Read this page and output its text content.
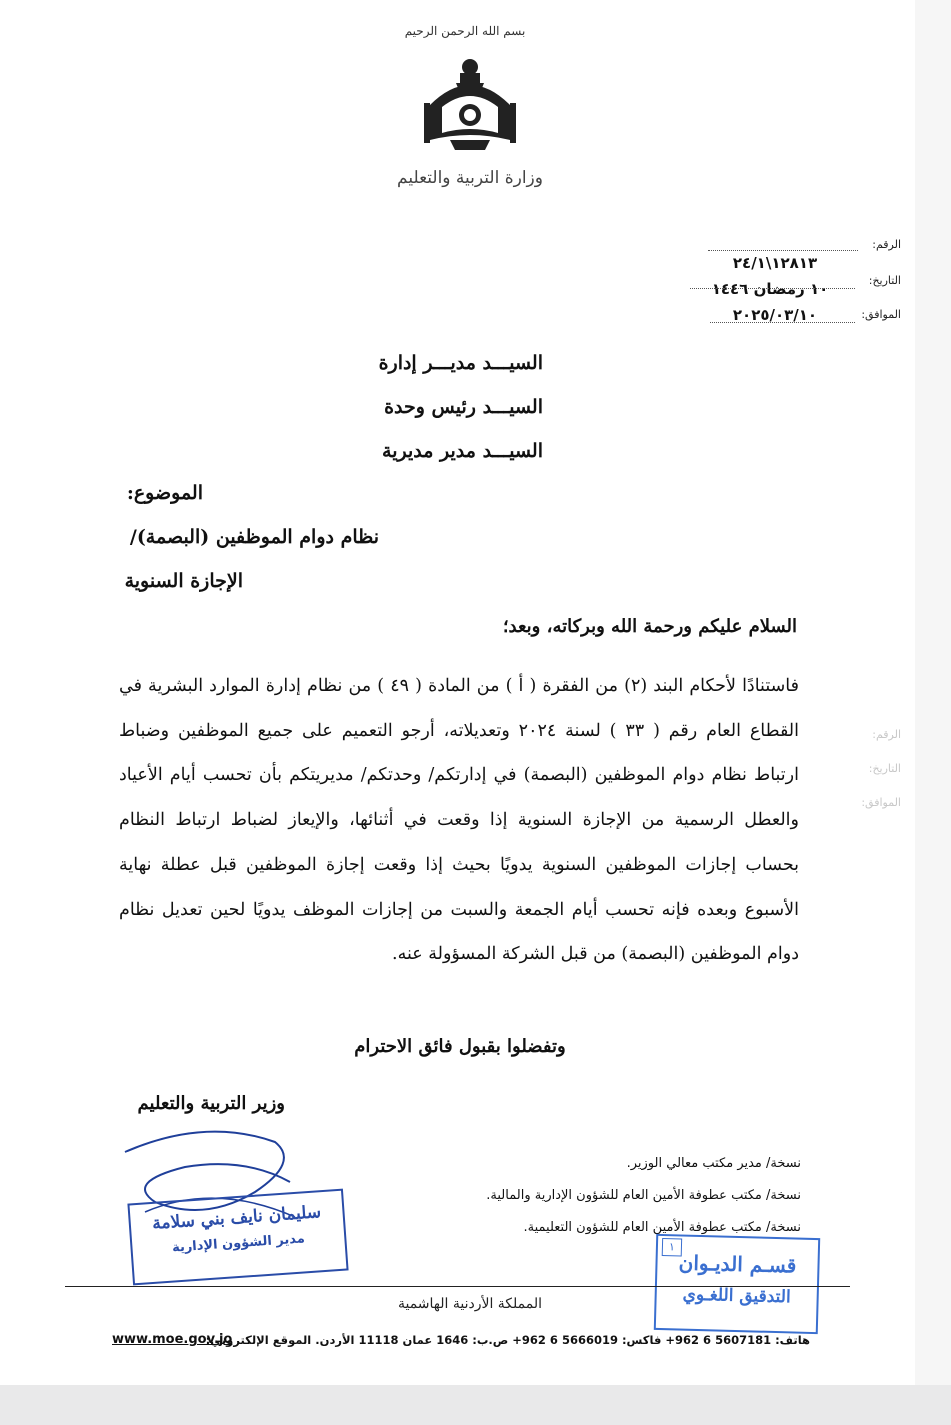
بسم الله الرحمن الرحيم
وزارة التربية والتعليم
الرقم:
١٢٨١٣\٢٤/١
التاريخ:
١٠ رمضان ١٤٤٦
الموافق:
٢٠٢٥/٠٣/١٠
السيـــد مديـــر إدارة
السيـــد رئيس وحدة
السيـــد مدير مديرية
الموضوع:
نظام دوام الموظفين (البصمة)/
الإجازة السنوية
السلام عليكم ورحمة الله وبركاته، وبعد؛
فاستنادًا لأحكام البند (٢) من الفقرة ( أ ) من المادة ( ٤٩ ) من نظام إدارة الموارد البشرية في القطاع العام رقم ( ٣٣ ) لسنة ٢٠٢٤ وتعديلاته، أرجو التعميم على جميع الموظفين وضباط ارتباط نظام دوام الموظفين (البصمة) في إدارتكم/ وحدتكم/ مديريتكم بأن تحسب أيام الأعياد والعطل الرسمية من الإجازة السنوية إذا وقعت في أثنائها، والإيعاز لضباط ارتباط النظام بحساب إجازات الموظفين السنوية يدويًا بحيث إذا وقعت إجازة الموظفين قبل عطلة نهاية الأسبوع وبعده فإنه تحسب أيام الجمعة والسبت من إجازات الموظف يدويًا لحين تعديل نظام دوام الموظفين (البصمة) من قبل الشركة المسؤولة عنه.
وتفضلوا بقبول فائق الاحترام
وزير التربية والتعليم
نسخة/ مدير مكتب معالي الوزير.
نسخة/ مكتب عطوفة الأمين العام للشؤون الإدارية والمالية.
نسخة/ مكتب عطوفة الأمين العام للشؤون التعليمية.
سليمان نايف بني سلامة
مدير الشؤون الإدارية	١
قسـم الديـوان
التدقيق اللغـوي
الرقم:
التاريخ:
الموافق:
المملكة الأردنية الهاشمية
هاتف: 5607181 6 962+ فاكس: 5666019 6 962+ ص.ب: 1646 عمان 11118 الأردن. الموقع الإلكتروني:
www.moe.gov.jo
